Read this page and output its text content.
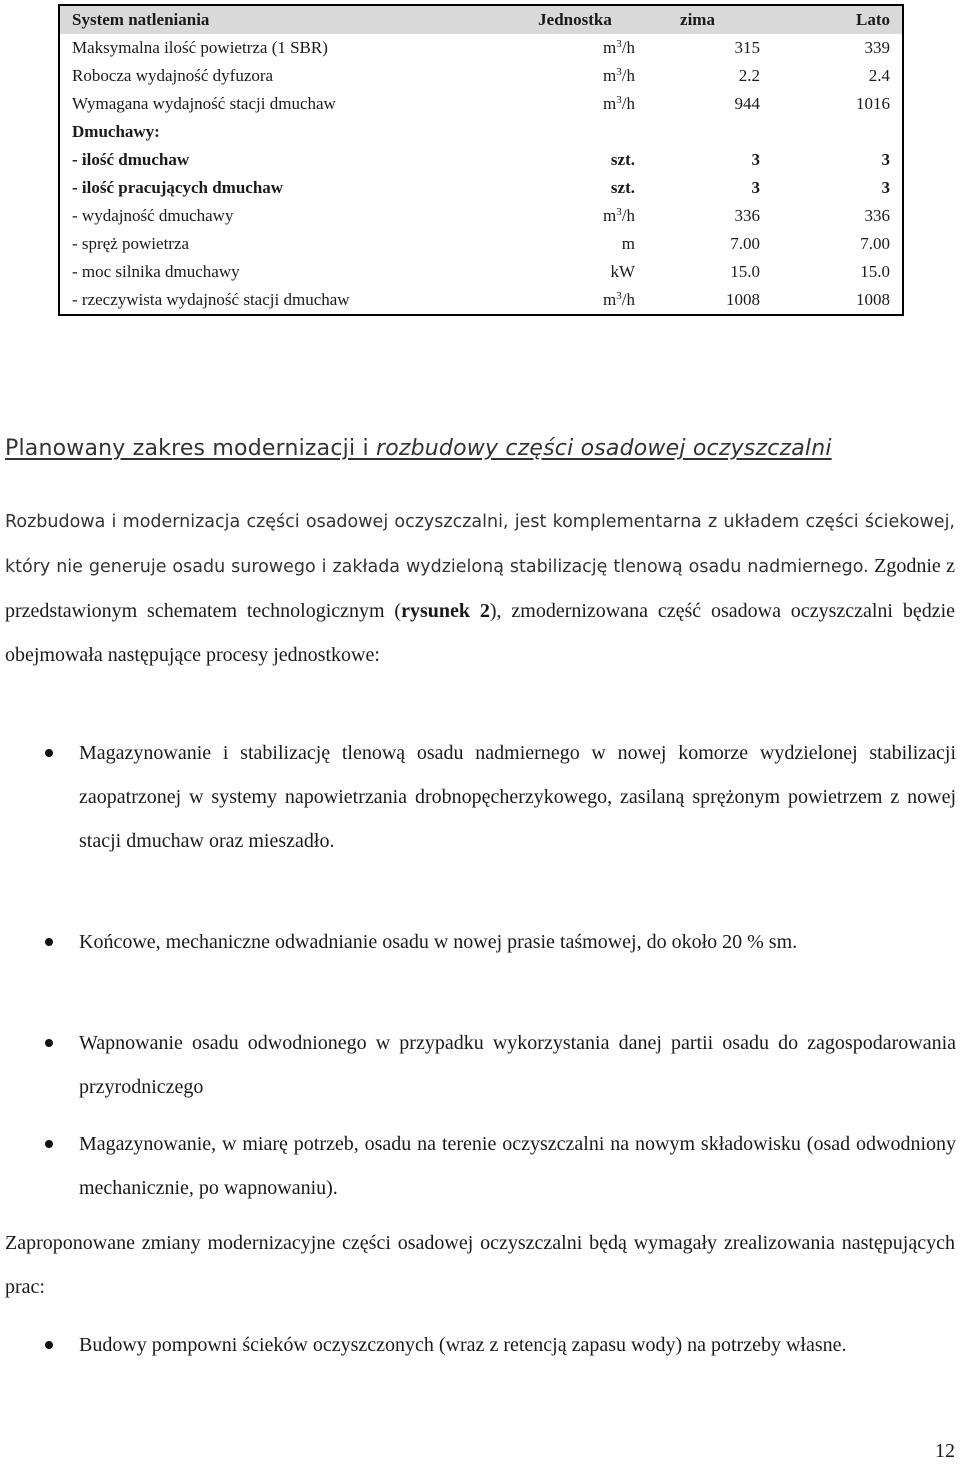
System natleniania	Jednostka	zima	Lato
Maksymalna ilość powietrza (1 SBR)	$m^3/h$	315	339
Robocza wydajność dyfuzora	$m^3/h$	2.2	2.4
Wymagana wydajność stacji dmuchaw	$m^3/h$	944	1016
Dmuchawy:			
- ilość dmuchaw	szt.	3	3
- ilość pracujących dmuchaw	szt.	3	3
- wydajność dmuchawy	$m^3/h$	336	336
- spręż powietrza	m	7.00	7.00
- moc silnika dmuchawy	kW	15.0	15.0
- rzeczywista wydajność stacji dmuchaw	$m^3/h$	1008	1008
Planowany zakres modernizacji i rozbudowy części osadowej oczyszczalni
Rozbudowa i modernizacja części osadowej oczyszczalni, jest komplementarna z układem części ściekowej, który nie generuje osadu surowego i zakłada wydzieloną stabilizację tlenową osadu nadmiernego. Zgodnie z przedstawionym schematem technologicznym (rysunek 2), zmodernizowana część osadowa oczyszczalni będzie obejmowała następujące procesy jednostkowe:
Magazynowanie i stabilizację tlenową osadu nadmiernego w nowej komorze wydzielonej stabilizacji zaopatrzonej w systemy napowietrzania drobnopęcherzykowego, zasilaną sprężonym powietrzem z nowej stacji dmuchaw oraz mieszadło.
Końcowe, mechaniczne odwadnianie osadu w nowej prasie taśmowej, do około 20 % sm.
Wapnowanie osadu odwodnionego w przypadku wykorzystania danej partii osadu do zagospodarowania przyrodniczego
Magazynowanie, w miarę potrzeb, osadu na terenie oczyszczalni na nowym składowisku (osad odwodniony mechanicznie, po wapnowaniu).
Zaproponowane zmiany modernizacyjne części osadowej oczyszczalni będą wymagały zrealizowania następujących prac:
Budowy pompowni ścieków oczyszczonych (wraz z retencją zapasu wody) na potrzeby własne.
12
